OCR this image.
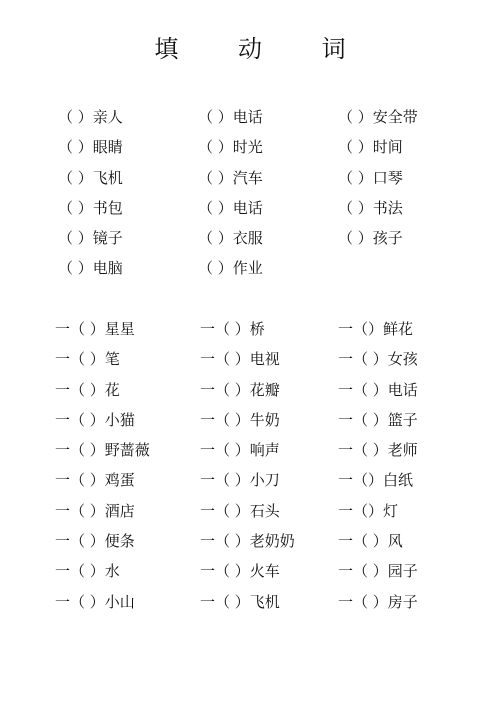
填 动 词
（ ）亲人	（ ）电话	（ ）安全带
（ ）眼睛	（ ）时光	（ ）时间
（ ）飞机	（ ）汽车	（ ）口琴
（ ）书包	（ ）电话	（ ）书法
（ ）镜子	（ ）衣服	（ ）孩子
（ ）电脑	（ ）作业
一（ ）星星	一（ ）桥	一（）鲜花
一（ ）笔	一（ ）电视	一（ ）女孩
一（ ）花	一（ ）花瓣	一（ ）电话
一（ ）小猫	一（ ）牛奶	一（ ）篮子
一（ ）野蔷薇	一（ ）响声	一（ ）老师
一（ ）鸡蛋	一（ ）小刀	一（）白纸
一（ ）酒店	一（ ）石头	一（）灯
一（ ）便条	一（ ）老奶奶	一（ ）风
一（ ）水	一（ ）火车	一（ ）园子
一（ ）小山	一（ ）飞机	一（ ）房子
